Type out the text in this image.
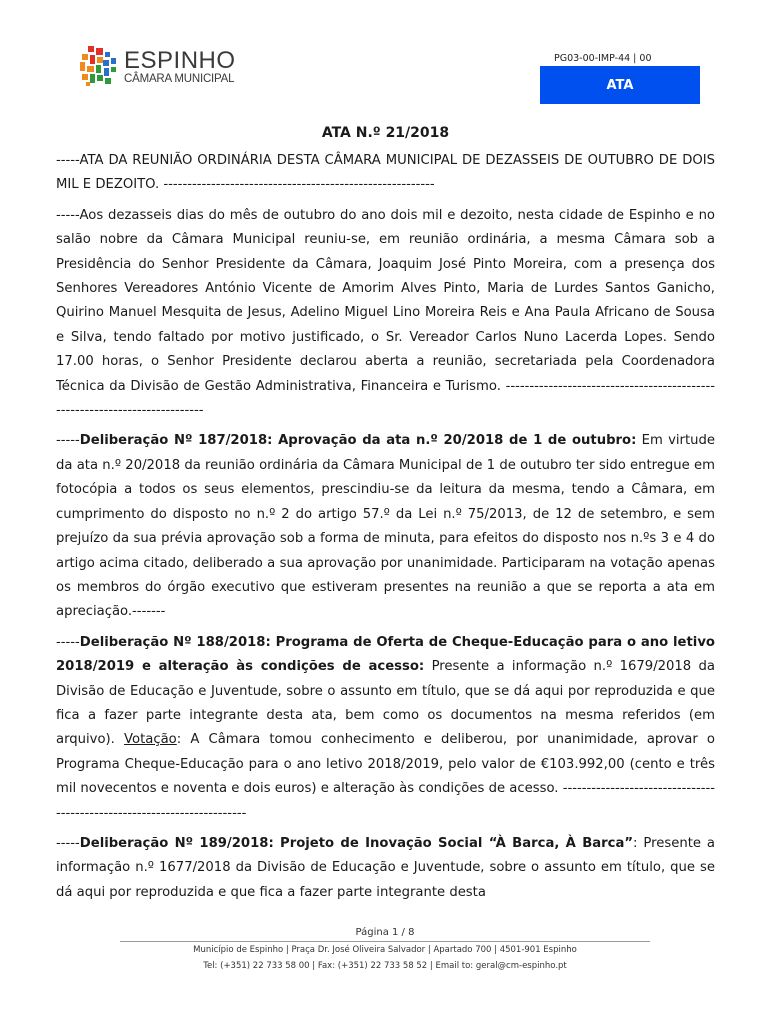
ESPINHO
CÂMARA MUNICIPAL
PG03-00-IMP-44 | 00
ATA

ATA N.º 21/2018

-----ATA DA REUNIÃO ORDINÁRIA DESTA CÂMARA MUNICIPAL DE DEZASSEIS DE OUTUBRO DE DOIS MIL E DEZOITO. ---------------------------------------------------------

-----Aos dezasseis dias do mês de outubro do ano dois mil e dezoito, nesta cidade de Espinho e no salão nobre da Câmara Municipal reuniu-se, em reunião ordinária, a mesma Câmara sob a Presidência do Senhor Presidente da Câmara, Joaquim José Pinto Moreira, com a presença dos Senhores Vereadores António Vicente de Amorim Alves Pinto, Maria de Lurdes Santos Ganicho, Quirino Manuel Mesquita de Jesus, Adelino Miguel Lino Moreira Reis e Ana Paula Africano de Sousa e Silva, tendo faltado por motivo justificado, o Sr. Vereador Carlos Nuno Lacerda Lopes. Sendo 17.00 horas, o Senhor Presidente declarou aberta a reunião, secretariada pela Coordenadora Técnica da Divisão de Gestão Administrativa, Financeira e Turismo. ---------------------------------------------------------------------------

-----Deliberação Nº 187/2018: Aprovação da ata n.º 20/2018 de 1 de outubro: Em virtude da ata n.º 20/2018 da reunião ordinária da Câmara Municipal de 1 de outubro ter sido entregue em fotocópia a todos os seus elementos, prescindiu-se da leitura da mesma, tendo a Câmara, em cumprimento do disposto no n.º 2 do artigo 57.º da Lei n.º 75/2013, de 12 de setembro, e sem prejuízo da sua prévia aprovação sob a forma de minuta, para efeitos do disposto nos n.ºs 3 e 4 do artigo acima citado, deliberado a sua aprovação por unanimidade. Participaram na votação apenas os membros do órgão executivo que estiveram presentes na reunião a que se reporta a ata em apreciação.-------

-----Deliberação Nº 188/2018: Programa de Oferta de Cheque-Educação para o ano letivo 2018/2019 e alteração às condições de acesso: Presente a informação n.º 1679/2018 da Divisão de Educação e Juventude, sobre o assunto em título, que se dá aqui por reproduzida e que fica a fazer parte integrante desta ata, bem como os documentos na mesma referidos (em arquivo). Votação: A Câmara tomou conhecimento e deliberou, por unanimidade, aprovar o Programa Cheque-Educação para o ano letivo 2018/2019, pelo valor de €103.992,00 (cento e três mil novecentos e noventa e dois euros) e alteração às condições de acesso. ------------------------------------------------------------------------

-----Deliberação Nº 189/2018: Projeto de Inovação Social “À Barca, À Barca”: Presente a informação n.º 1677/2018 da Divisão de Educação e Juventude, sobre o assunto em título, que se dá aqui por reproduzida e que fica a fazer parte integrante desta

Página 1 / 8
Município de Espinho | Praça Dr. José Oliveira Salvador | Apartado 700 | 4501-901 Espinho
Tel: (+351) 22 733 58 00 | Fax: (+351) 22 733 58 52 | Email to: geral@cm-espinho.pt
